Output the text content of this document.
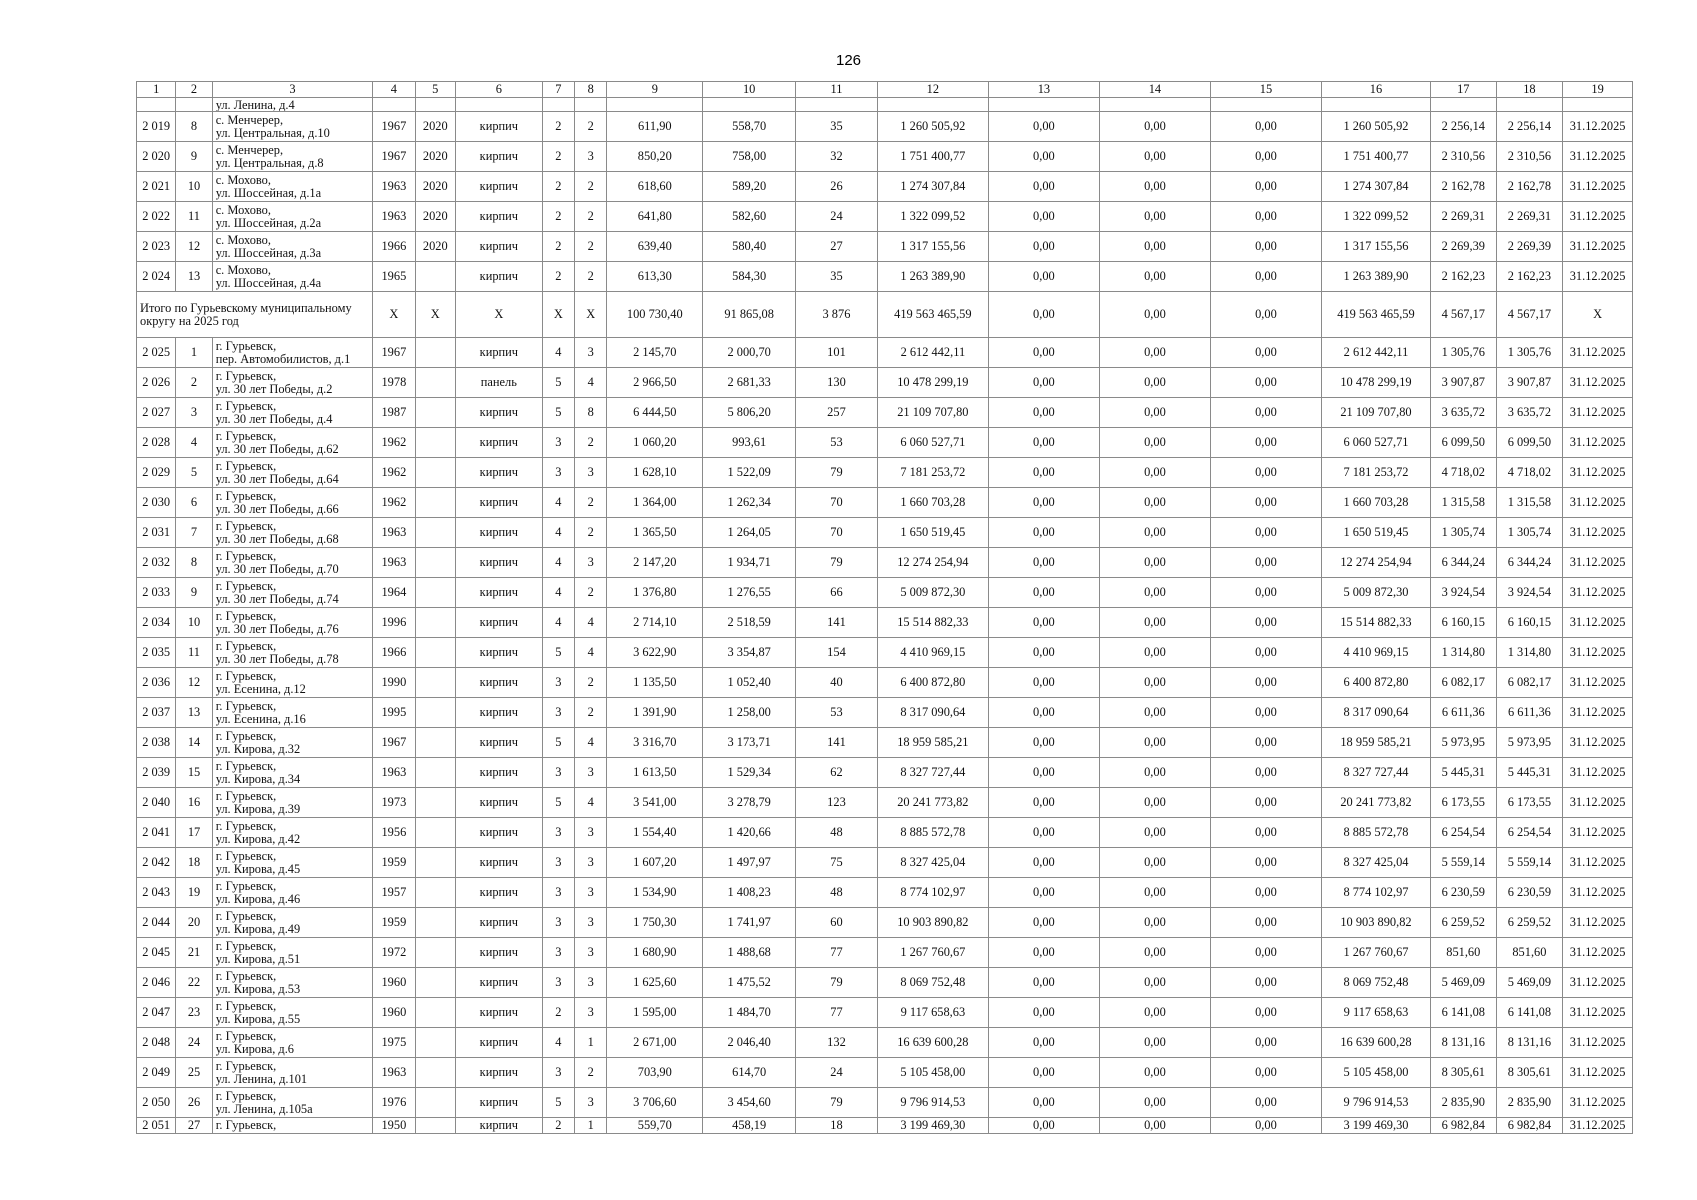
126
1	2	3	4	5	6	7	8	9	10	11	12	13	14	15	16	17	18	19
		ул. Ленина, д.4																
2 019	8	с. Менчерep,
ул. Центральная, д.10	1967	2020	кирпич	2	2	611,90	558,70	35	1 260 505,92	0,00	0,00	0,00	1 260 505,92	2 256,14	2 256,14	31.12.2025
2 020	9	с. Менчерep,
ул. Центральная, д.8	1967	2020	кирпич	2	3	850,20	758,00	32	1 751 400,77	0,00	0,00	0,00	1 751 400,77	2 310,56	2 310,56	31.12.2025
2 021	10	с. Мохово,
ул. Шоссейная, д.1а	1963	2020	кирпич	2	2	618,60	589,20	26	1 274 307,84	0,00	0,00	0,00	1 274 307,84	2 162,78	2 162,78	31.12.2025
2 022	11	с. Мохово,
ул. Шоссейная, д.2а	1963	2020	кирпич	2	2	641,80	582,60	24	1 322 099,52	0,00	0,00	0,00	1 322 099,52	2 269,31	2 269,31	31.12.2025
2 023	12	с. Мохово,
ул. Шоссейная, д.3а	1966	2020	кирпич	2	2	639,40	580,40	27	1 317 155,56	0,00	0,00	0,00	1 317 155,56	2 269,39	2 269,39	31.12.2025
2 024	13	с. Мохово,
ул. Шоссейная, д.4а	1965		кирпич	2	2	613,30	584,30	35	1 263 389,90	0,00	0,00	0,00	1 263 389,90	2 162,23	2 162,23	31.12.2025
Итого по Гурьевскому муниципальному округу на 2025 год			X	X	X	X	X	100 730,40	91 865,08	3 876	419 563 465,59	0,00	0,00	0,00	419 563 465,59	4 567,17	4 567,17	X
2 025	1	г. Гурьевск,
пер. Автомобилистов, д.1	1967		кирпич	4	3	2 145,70	2 000,70	101	2 612 442,11	0,00	0,00	0,00	2 612 442,11	1 305,76	1 305,76	31.12.2025
2 026	2	г. Гурьевск,
ул. 30 лет Победы, д.2	1978		панель	5	4	2 966,50	2 681,33	130	10 478 299,19	0,00	0,00	0,00	10 478 299,19	3 907,87	3 907,87	31.12.2025
2 027	3	г. Гурьевск,
ул. 30 лет Победы, д.4	1987		кирпич	5	8	6 444,50	5 806,20	257	21 109 707,80	0,00	0,00	0,00	21 109 707,80	3 635,72	3 635,72	31.12.2025
2 028	4	г. Гурьевск,
ул. 30 лет Победы, д.62	1962		кирпич	3	2	1 060,20	993,61	53	6 060 527,71	0,00	0,00	0,00	6 060 527,71	6 099,50	6 099,50	31.12.2025
2 029	5	г. Гурьевск,
ул. 30 лет Победы, д.64	1962		кирпич	3	3	1 628,10	1 522,09	79	7 181 253,72	0,00	0,00	0,00	7 181 253,72	4 718,02	4 718,02	31.12.2025
2 030	6	г. Гурьевск,
ул. 30 лет Победы, д.66	1962		кирпич	4	2	1 364,00	1 262,34	70	1 660 703,28	0,00	0,00	0,00	1 660 703,28	1 315,58	1 315,58	31.12.2025
2 031	7	г. Гурьевск,
ул. 30 лет Победы, д.68	1963		кирпич	4	2	1 365,50	1 264,05	70	1 650 519,45	0,00	0,00	0,00	1 650 519,45	1 305,74	1 305,74	31.12.2025
2 032	8	г. Гурьевск,
ул. 30 лет Победы, д.70	1963		кирпич	4	3	2 147,20	1 934,71	79	12 274 254,94	0,00	0,00	0,00	12 274 254,94	6 344,24	6 344,24	31.12.2025
2 033	9	г. Гурьевск,
ул. 30 лет Победы, д.74	1964		кирпич	4	2	1 376,80	1 276,55	66	5 009 872,30	0,00	0,00	0,00	5 009 872,30	3 924,54	3 924,54	31.12.2025
2 034	10	г. Гурьевск,
ул. 30 лет Победы, д.76	1996		кирпич	4	4	2 714,10	2 518,59	141	15 514 882,33	0,00	0,00	0,00	15 514 882,33	6 160,15	6 160,15	31.12.2025
2 035	11	г. Гурьевск,
ул. 30 лет Победы, д.78	1966		кирпич	5	4	3 622,90	3 354,87	154	4 410 969,15	0,00	0,00	0,00	4 410 969,15	1 314,80	1 314,80	31.12.2025
2 036	12	г. Гурьевск,
ул. Есенина, д.12	1990		кирпич	3	2	1 135,50	1 052,40	40	6 400 872,80	0,00	0,00	0,00	6 400 872,80	6 082,17	6 082,17	31.12.2025
2 037	13	г. Гурьевск,
ул. Есенина, д.16	1995		кирпич	3	2	1 391,90	1 258,00	53	8 317 090,64	0,00	0,00	0,00	8 317 090,64	6 611,36	6 611,36	31.12.2025
2 038	14	г. Гурьевск,
ул. Кирова, д.32	1967		кирпич	5	4	3 316,70	3 173,71	141	18 959 585,21	0,00	0,00	0,00	18 959 585,21	5 973,95	5 973,95	31.12.2025
2 039	15	г. Гурьевск,
ул. Кирова, д.34	1963		кирпич	3	3	1 613,50	1 529,34	62	8 327 727,44	0,00	0,00	0,00	8 327 727,44	5 445,31	5 445,31	31.12.2025
2 040	16	г. Гурьевск,
ул. Кирова, д.39	1973		кирпич	5	4	3 541,00	3 278,79	123	20 241 773,82	0,00	0,00	0,00	20 241 773,82	6 173,55	6 173,55	31.12.2025
2 041	17	г. Гурьевск,
ул. Кирова, д.42	1956		кирпич	3	3	1 554,40	1 420,66	48	8 885 572,78	0,00	0,00	0,00	8 885 572,78	6 254,54	6 254,54	31.12.2025
2 042	18	г. Гурьевск,
ул. Кирова, д.45	1959		кирпич	3	3	1 607,20	1 497,97	75	8 327 425,04	0,00	0,00	0,00	8 327 425,04	5 559,14	5 559,14	31.12.2025
2 043	19	г. Гурьевск,
ул. Кирова, д.46	1957		кирпич	3	3	1 534,90	1 408,23	48	8 774 102,97	0,00	0,00	0,00	8 774 102,97	6 230,59	6 230,59	31.12.2025
2 044	20	г. Гурьевск,
ул. Кирова, д.49	1959		кирпич	3	3	1 750,30	1 741,97	60	10 903 890,82	0,00	0,00	0,00	10 903 890,82	6 259,52	6 259,52	31.12.2025
2 045	21	г. Гурьевск,
ул. Кирова, д.51	1972		кирпич	3	3	1 680,90	1 488,68	77	1 267 760,67	0,00	0,00	0,00	1 267 760,67	851,60	851,60	31.12.2025
2 046	22	г. Гурьевск,
ул. Кирова, д.53	1960		кирпич	3	3	1 625,60	1 475,52	79	8 069 752,48	0,00	0,00	0,00	8 069 752,48	5 469,09	5 469,09	31.12.2025
2 047	23	г. Гурьевск,
ул. Кирова, д.55	1960		кирпич	2	3	1 595,00	1 484,70	77	9 117 658,63	0,00	0,00	0,00	9 117 658,63	6 141,08	6 141,08	31.12.2025
2 048	24	г. Гурьевск,
ул. Кирова, д.6	1975		кирпич	4	1	2 671,00	2 046,40	132	16 639 600,28	0,00	0,00	0,00	16 639 600,28	8 131,16	8 131,16	31.12.2025
2 049	25	г. Гурьевск,
ул. Ленина, д.101	1963		кирпич	3	2	703,90	614,70	24	5 105 458,00	0,00	0,00	0,00	5 105 458,00	8 305,61	8 305,61	31.12.2025
2 050	26	г. Гурьевск,
ул. Ленина, д.105а	1976		кирпич	5	3	3 706,60	3 454,60	79	9 796 914,53	0,00	0,00	0,00	9 796 914,53	2 835,90	2 835,90	31.12.2025
2 051	27	г. Гурьевск,	1950		кирпич	2	1	559,70	458,19	18	3 199 469,30	0,00	0,00	0,00	3 199 469,30	6 982,84	6 982,84	31.12.2025
